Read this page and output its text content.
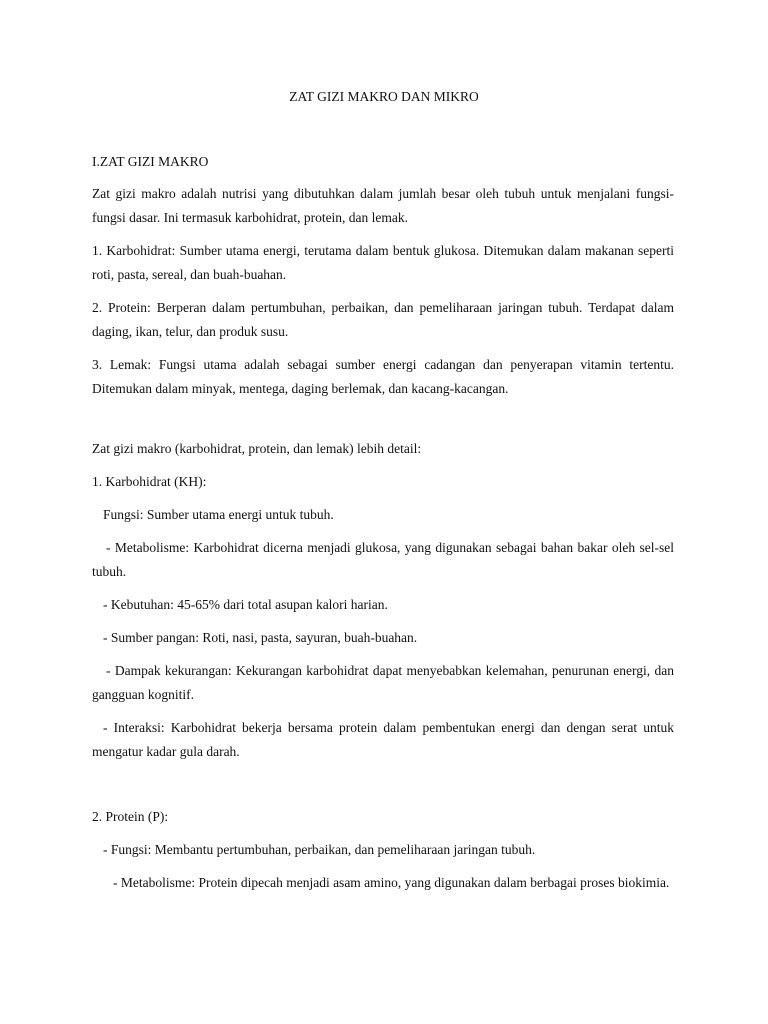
ZAT GIZI MAKRO DAN MIKRO
I.ZAT GIZI MAKRO

Zat gizi makro adalah nutrisi yang dibutuhkan dalam jumlah besar oleh tubuh untuk menjalani fungsi-fungsi dasar. Ini termasuk karbohidrat, protein, dan lemak.

1. Karbohidrat: Sumber utama energi, terutama dalam bentuk glukosa. Ditemukan dalam makanan seperti roti, pasta, sereal, dan buah-buahan.

2. Protein: Berperan dalam pertumbuhan, perbaikan, dan pemeliharaan jaringan tubuh. Terdapat dalam daging, ikan, telur, dan produk susu.

3. Lemak: Fungsi utama adalah sebagai sumber energi cadangan dan penyerapan vitamin tertentu. Ditemukan dalam minyak, mentega, daging berlemak, dan kacang-kacangan.

Zat gizi makro (karbohidrat, protein, dan lemak) lebih detail:

1. Karbohidrat (KH):

Fungsi: Sumber utama energi untuk tubuh.

- Metabolisme: Karbohidrat dicerna menjadi glukosa, yang digunakan sebagai bahan bakar oleh sel-sel tubuh.

- Kebutuhan: 45-65% dari total asupan kalori harian.

- Sumber pangan: Roti, nasi, pasta, sayuran, buah-buahan.

- Dampak kekurangan: Kekurangan karbohidrat dapat menyebabkan kelemahan, penurunan energi, dan gangguan kognitif.

- Interaksi: Karbohidrat bekerja bersama protein dalam pembentukan energi dan dengan serat untuk mengatur kadar gula darah.

2. Protein (P):

- Fungsi: Membantu pertumbuhan, perbaikan, dan pemeliharaan jaringan tubuh.

- Metabolisme: Protein dipecah menjadi asam amino, yang digunakan dalam berbagai proses biokimia.
